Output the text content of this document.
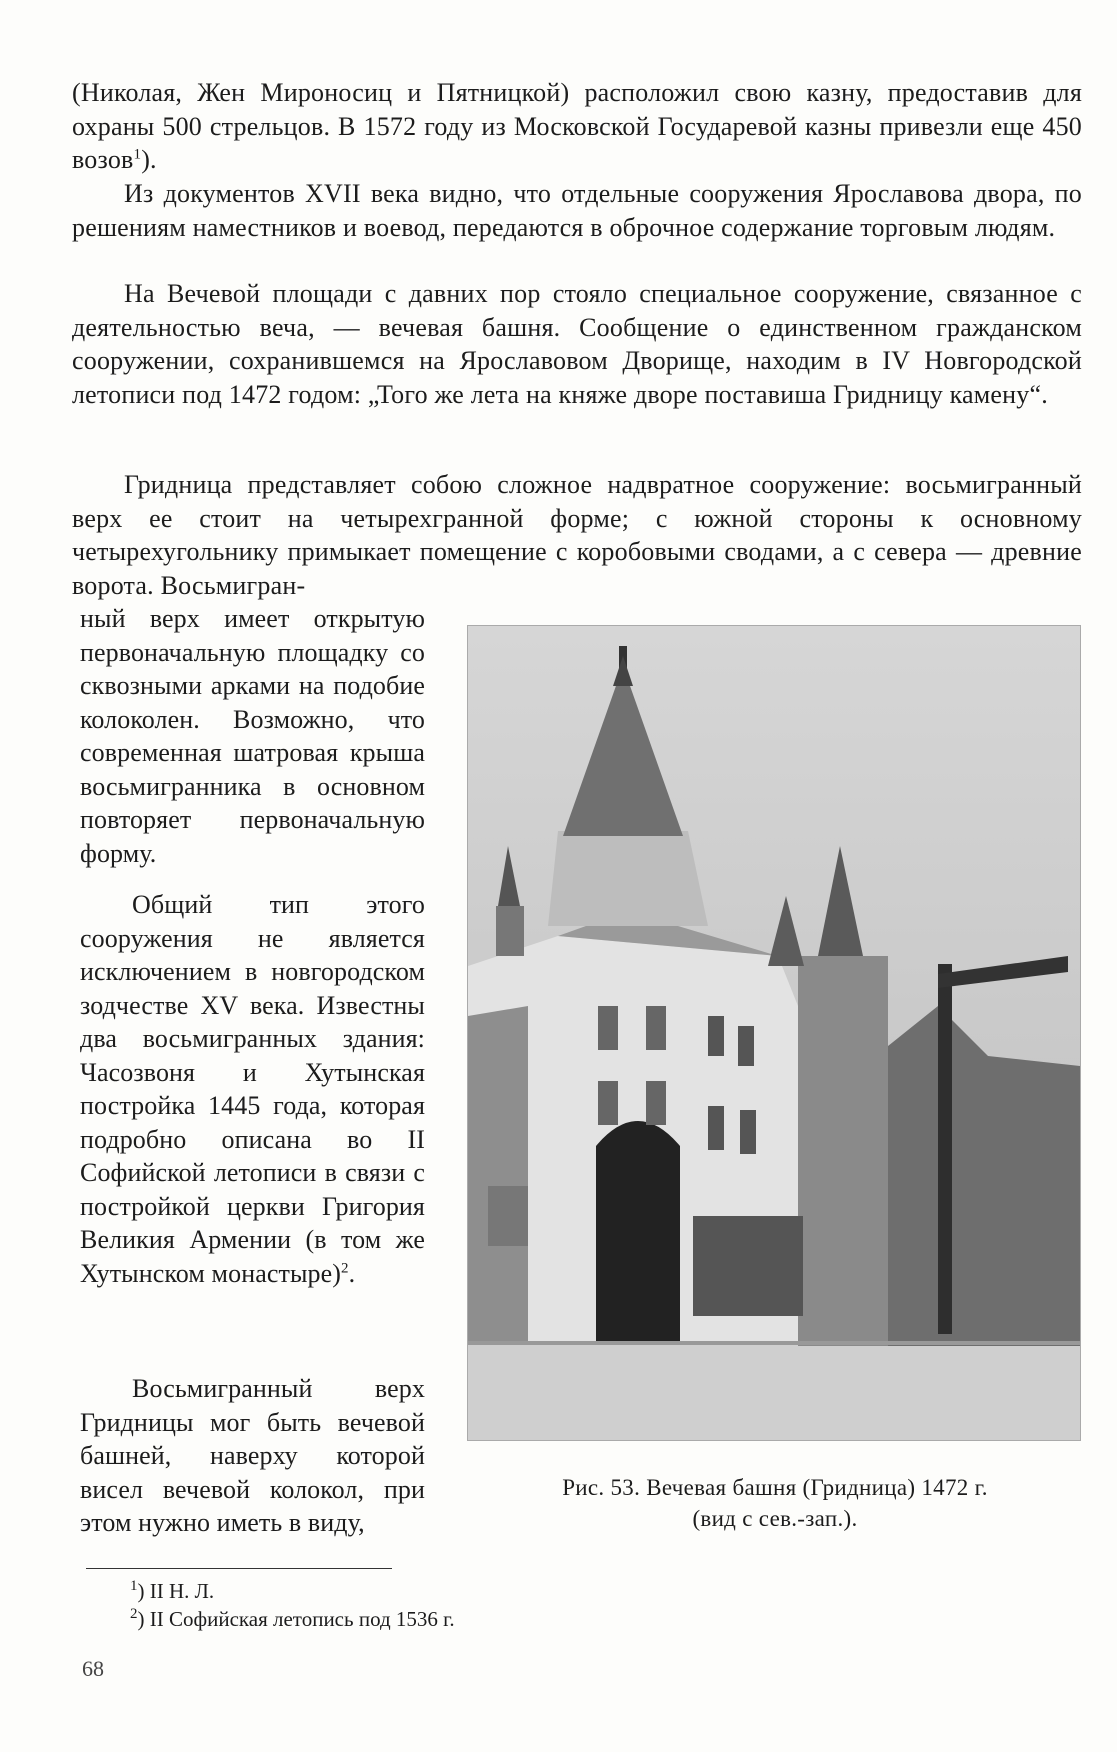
(Николая, Жен Мироносиц и Пятницкой) расположил свою казну, предоставив для охраны 500 стрельцов. В 1572 году из Московской Государевой казны привезли еще 450 возов$^1$).

Из документов XVII века видно, что отдельные сооружения Ярославова двора, по решениям наместников и воевод, передаются в оброчное содержание торговым людям.

На Вечевой площади с давних пор стояло специальное сооружение, связанное с деятельностью веча, — вечевая башня. Сообщение о единственном гражданском сооружении, сохранившемся на Ярославовом Дворище, находим в IV Новгородской летописи под 1472 годом: „Того же лета на княже дворе поставиша Гридницу камену“.

Гридница представляет собою сложное надвратное сооружение: восьмигранный верх ее стоит на четырехгранной форме; с южной стороны к основному четырехугольнику примыкает помещение с коробовыми сводами, а с севера — древние ворота. Восьмигран-

ный верх имеет открытую первоначальную площадку со сквозными арками на подобие колоколен. Возможно, что современная шатровая крыша восьмигранника в основном повторяет первоначальную форму.

Общий тип этого сооружения не является исключением в новгородском зодчестве XV века. Известны два восьмигранных здания: Часозвоня и Хутынская постройка 1445 года, которая подробно описана во II Софийской летописи в связи с постройкой церкви Григория Великия Армении (в том же Хутынском монастыре)$^2$.

Восьмигранный верх Гридницы мог быть вечевой башней, наверху которой висел вечевой колокол, при этом нужно иметь в виду,

Рис. 53. Вечевая башня (Гридница) 1472 г.

(вид с сев.-зап.).

$^1$) II Н. Л.

$^2$) II Софийская летопись под 1536 г.

68
